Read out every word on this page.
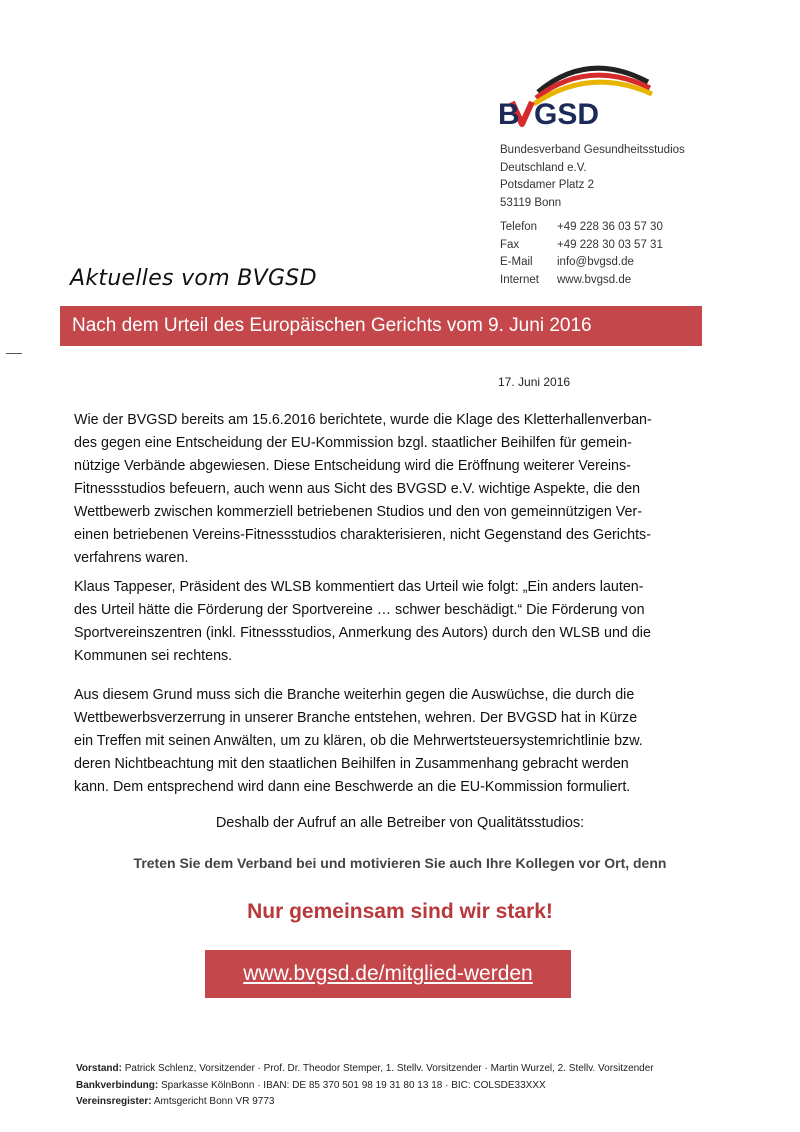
B GSD
Bundesverband Gesundheitsstudios
Deutschland e.V.
Potsdamer Platz 2
53119 Bonn
Telefon	+49 228 36 03 57 30
Fax	+49 228 30 03 57 31
E-Mail	info@bvgsd.de
Internet	www.bvgsd.de
Aktuelles vom BVGSD
Nach dem Urteil des Europäischen Gerichts vom 9. Juni 2016
17. Juni 2016
Wie der BVGSD bereits am 15.6.2016 berichtete, wurde die Klage des Kletterhallenverban-
des gegen eine Entscheidung der EU-Kommission bzgl. staatlicher Beihilfen für gemein-
nützige Verbände abgewiesen. Diese Entscheidung wird die Eröffnung weiterer Vereins-
Fitnessstudios befeuern, auch wenn aus Sicht des BVGSD e.V. wichtige Aspekte, die den
Wettbewerb zwischen kommerziell betriebenen Studios und den von gemeinnützigen Ver-
einen betriebenen Vereins-Fitnessstudios charakterisieren, nicht Gegenstand des Gerichts-
verfahrens waren.
Klaus Tappeser, Präsident des WLSB kommentiert das Urteil wie folgt: „Ein anders lauten-
des Urteil hätte die Förderung der Sportvereine … schwer beschädigt.“ Die Förderung von
Sportvereinszentren (inkl. Fitnessstudios, Anmerkung des Autors) durch den WLSB und die
Kommunen sei rechtens.
Aus diesem Grund muss sich die Branche weiterhin gegen die Auswüchse, die durch die
Wettbewerbsverzerrung in unserer Branche entstehen, wehren. Der BVGSD hat in Kürze
ein Treffen mit seinen Anwälten, um zu klären, ob die Mehrwertsteuersystemrichtlinie bzw.
deren Nichtbeachtung mit den staatlichen Beihilfen in Zusammenhang gebracht werden
kann. Dem entsprechend wird dann eine Beschwerde an die EU-Kommission formuliert.
Deshalb der Aufruf an alle Betreiber von Qualitätsstudios:
Treten Sie dem Verband bei und motivieren Sie auch Ihre Kollegen vor Ort, denn
Nur gemeinsam sind wir stark!
www.bvgsd.de/mitglied-werden
Vorstand: Patrick Schlenz, Vorsitzender · Prof. Dr. Theodor Stemper, 1. Stellv. Vorsitzender · Martin Wurzel, 2. Stellv. Vorsitzender
Bankverbindung: Sparkasse KölnBonn · IBAN: DE 85 370 501 98 19 31 80 13 18 · BIC: COLSDE33XXX
Vereinsregister: Amtsgericht Bonn VR 9773
